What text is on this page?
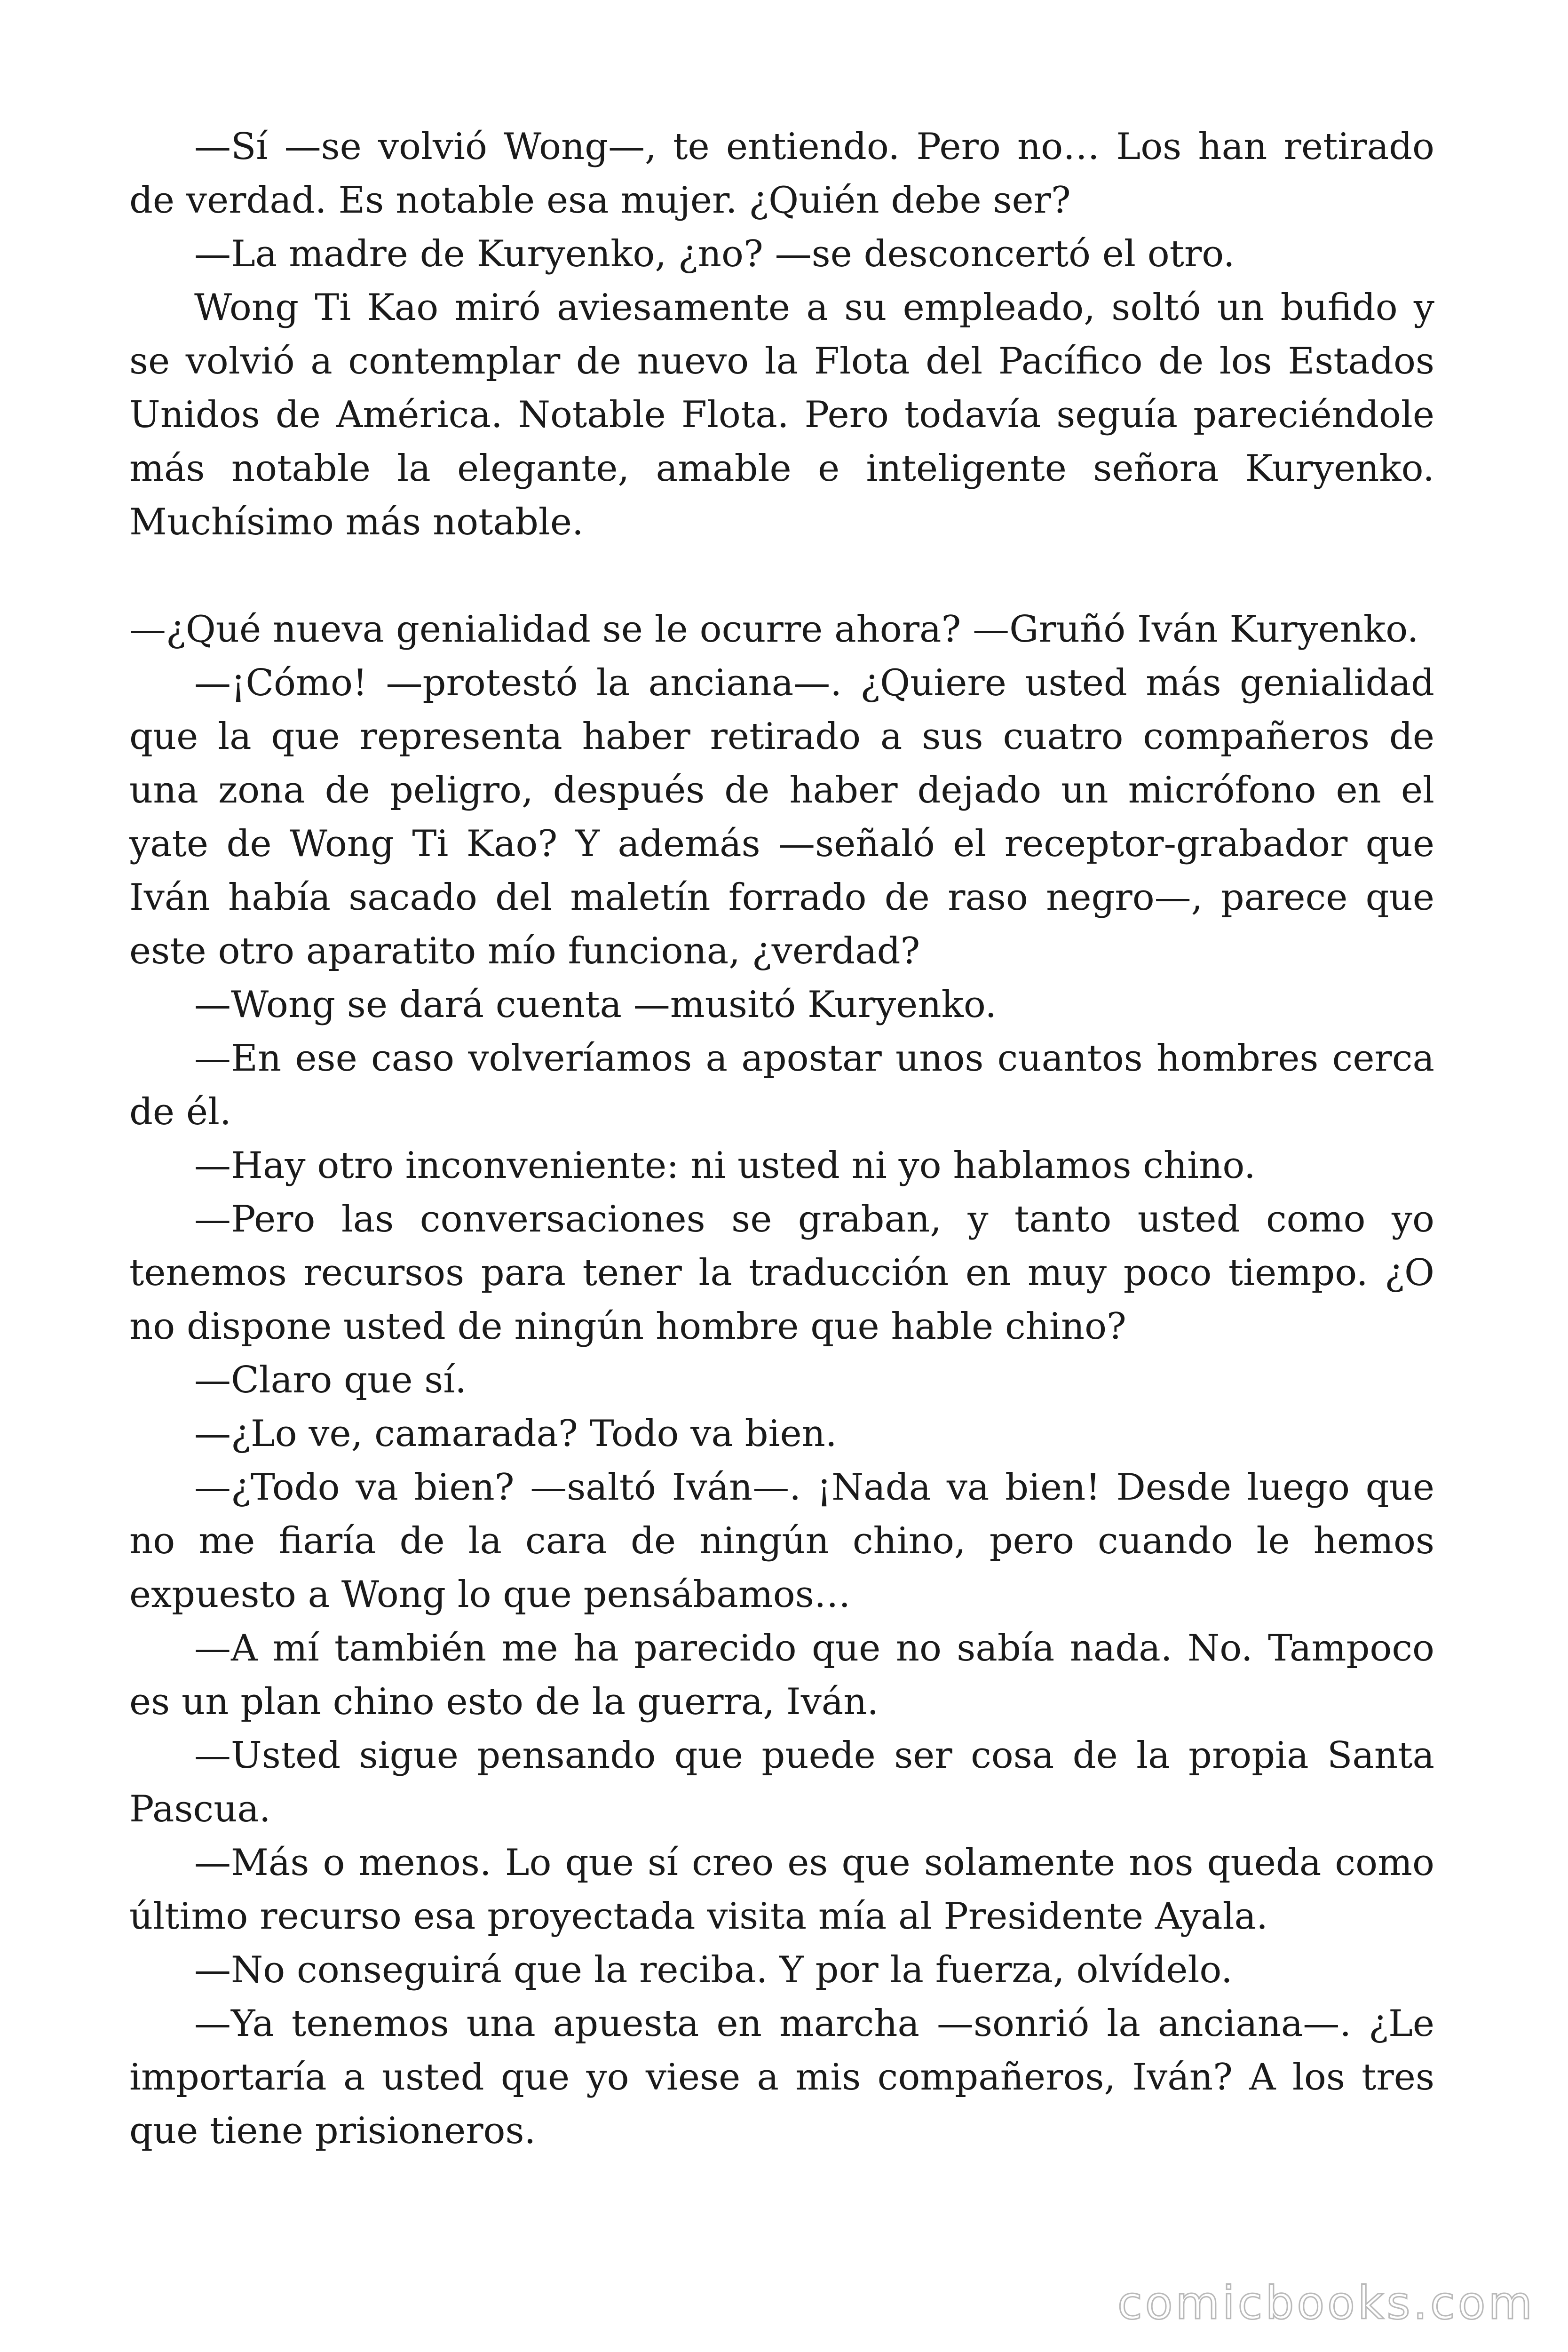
—Sí —se volvió Wong—, te entiendo. Pero no… Los han retirado de verdad. Es notable esa mujer. ¿Quién debe ser?

—La madre de Kuryenko, ¿no? —se desconcertó el otro.

Wong Ti Kao miró aviesamente a su empleado, soltó un bufido y se volvió a contemplar de nuevo la Flota del Pacífico de los Estados Unidos de América. Notable Flota. Pero todavía seguía pareciéndole más notable la elegante, amable e inteligente señora Kuryenko. Muchísimo más notable.

—¿Qué nueva genialidad se le ocurre ahora? —Gruñó Iván Kuryenko.

—¡Cómo! —protestó la anciana—. ¿Quiere usted más genialidad que la que representa haber retirado a sus cuatro compañeros de una zona de peligro, después de haber dejado un micrófono en el yate de Wong Ti Kao? Y además —señaló el receptor-grabador que Iván había sacado del maletín forrado de raso negro—, parece que este otro aparatito mío funciona, ¿verdad?

—Wong se dará cuenta —musitó Kuryenko.

—En ese caso volveríamos a apostar unos cuantos hombres cerca de él.

—Hay otro inconveniente: ni usted ni yo hablamos chino.

—Pero las conversaciones se graban, y tanto usted como yo tenemos recursos para tener la traducción en muy poco tiempo. ¿O no dispone usted de ningún hombre que hable chino?

—Claro que sí.

—¿Lo ve, camarada? Todo va bien.

—¿Todo va bien? —saltó Iván—. ¡Nada va bien! Desde luego que no me fiaría de la cara de ningún chino, pero cuando le hemos expuesto a Wong lo que pensábamos…

—A mí también me ha parecido que no sabía nada. No. Tampoco es un plan chino esto de la guerra, Iván.

—Usted sigue pensando que puede ser cosa de la propia Santa Pascua.

—Más o menos. Lo que sí creo es que solamente nos queda como último recurso esa proyectada visita mía al Presidente Ayala.

—No conseguirá que la reciba. Y por la fuerza, olvídelo.

—Ya tenemos una apuesta en marcha —sonrió la anciana—. ¿Le importaría a usted que yo viese a mis compañeros, Iván? A los tres que tiene prisioneros.

comicbooks.com
